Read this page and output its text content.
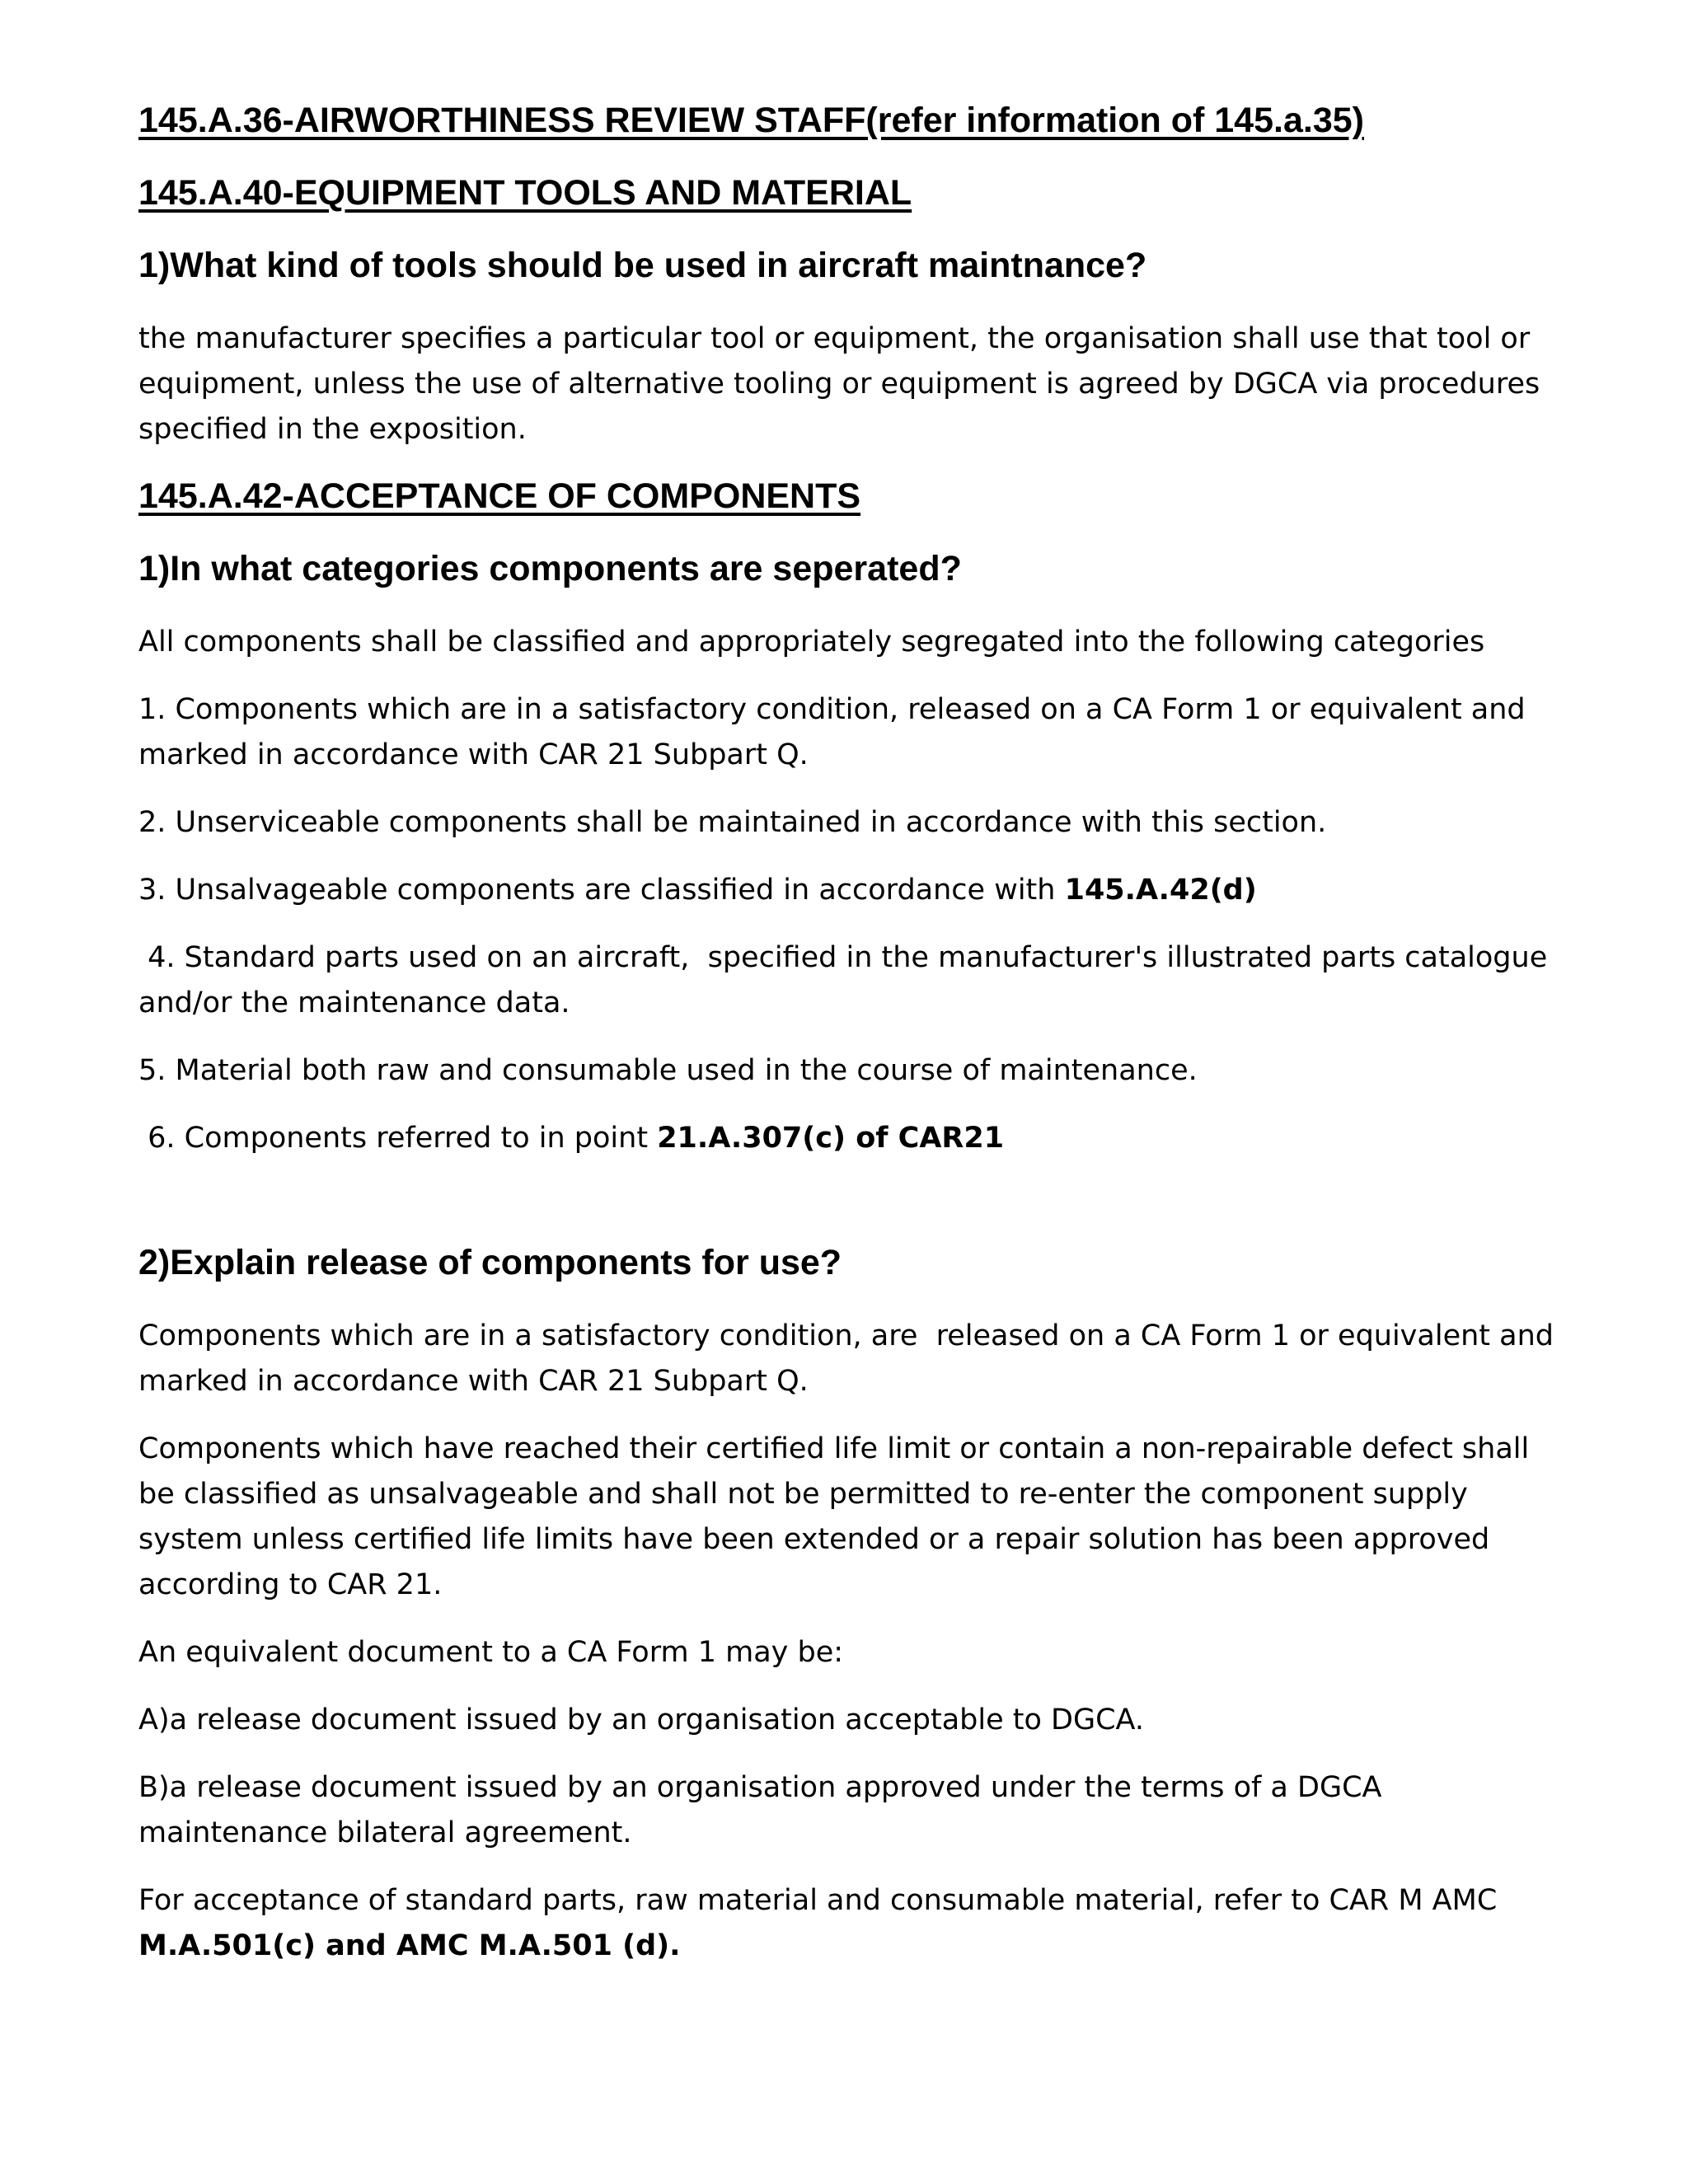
145.A.36-AIRWORTHINESS REVIEW STAFF(refer information of 145.a.35)
145.A.40-EQUIPMENT TOOLS AND MATERIAL
1)What kind of tools should be used in aircraft maintnance?

the manufacturer specifies a particular tool or equipment, the organisation shall use that tool or equipment, unless the use of alternative tooling or equipment is agreed by DGCA via procedures specified in the exposition.

145.A.42-ACCEPTANCE OF COMPONENTS
1)In what categories components are seperated?

All components shall be classified and appropriately segregated into the following categories

1. Components which are in a satisfactory condition, released on a CA Form 1 or equivalent and marked in accordance with CAR 21 Subpart Q.

2. Unserviceable components shall be maintained in accordance with this section.

3. Unsalvageable components are classified in accordance with 145.A.42(d)

4. Standard parts used on an aircraft,  specified in the manufacturer's illustrated parts catalogue and/or the maintenance data.

5. Material both raw and consumable used in the course of maintenance.

6. Components referred to in point 21.A.307(c) of CAR21

2)Explain release of components for use?

Components which are in a satisfactory condition, are  released on a CA Form 1 or equivalent and marked in accordance with CAR 21 Subpart Q.

Components which have reached their certified life limit or contain a non-repairable defect shall be classified as unsalvageable and shall not be permitted to re-enter the component supply system unless certified life limits have been extended or a repair solution has been approved according to CAR 21.

An equivalent document to a CA Form 1 may be:

A)a release document issued by an organisation acceptable to DGCA.

B)a release document issued by an organisation approved under the terms of a DGCA maintenance bilateral agreement.

For acceptance of standard parts, raw material and consumable material, refer to CAR M AMC
M.A.501(c) and AMC M.A.501 (d).
